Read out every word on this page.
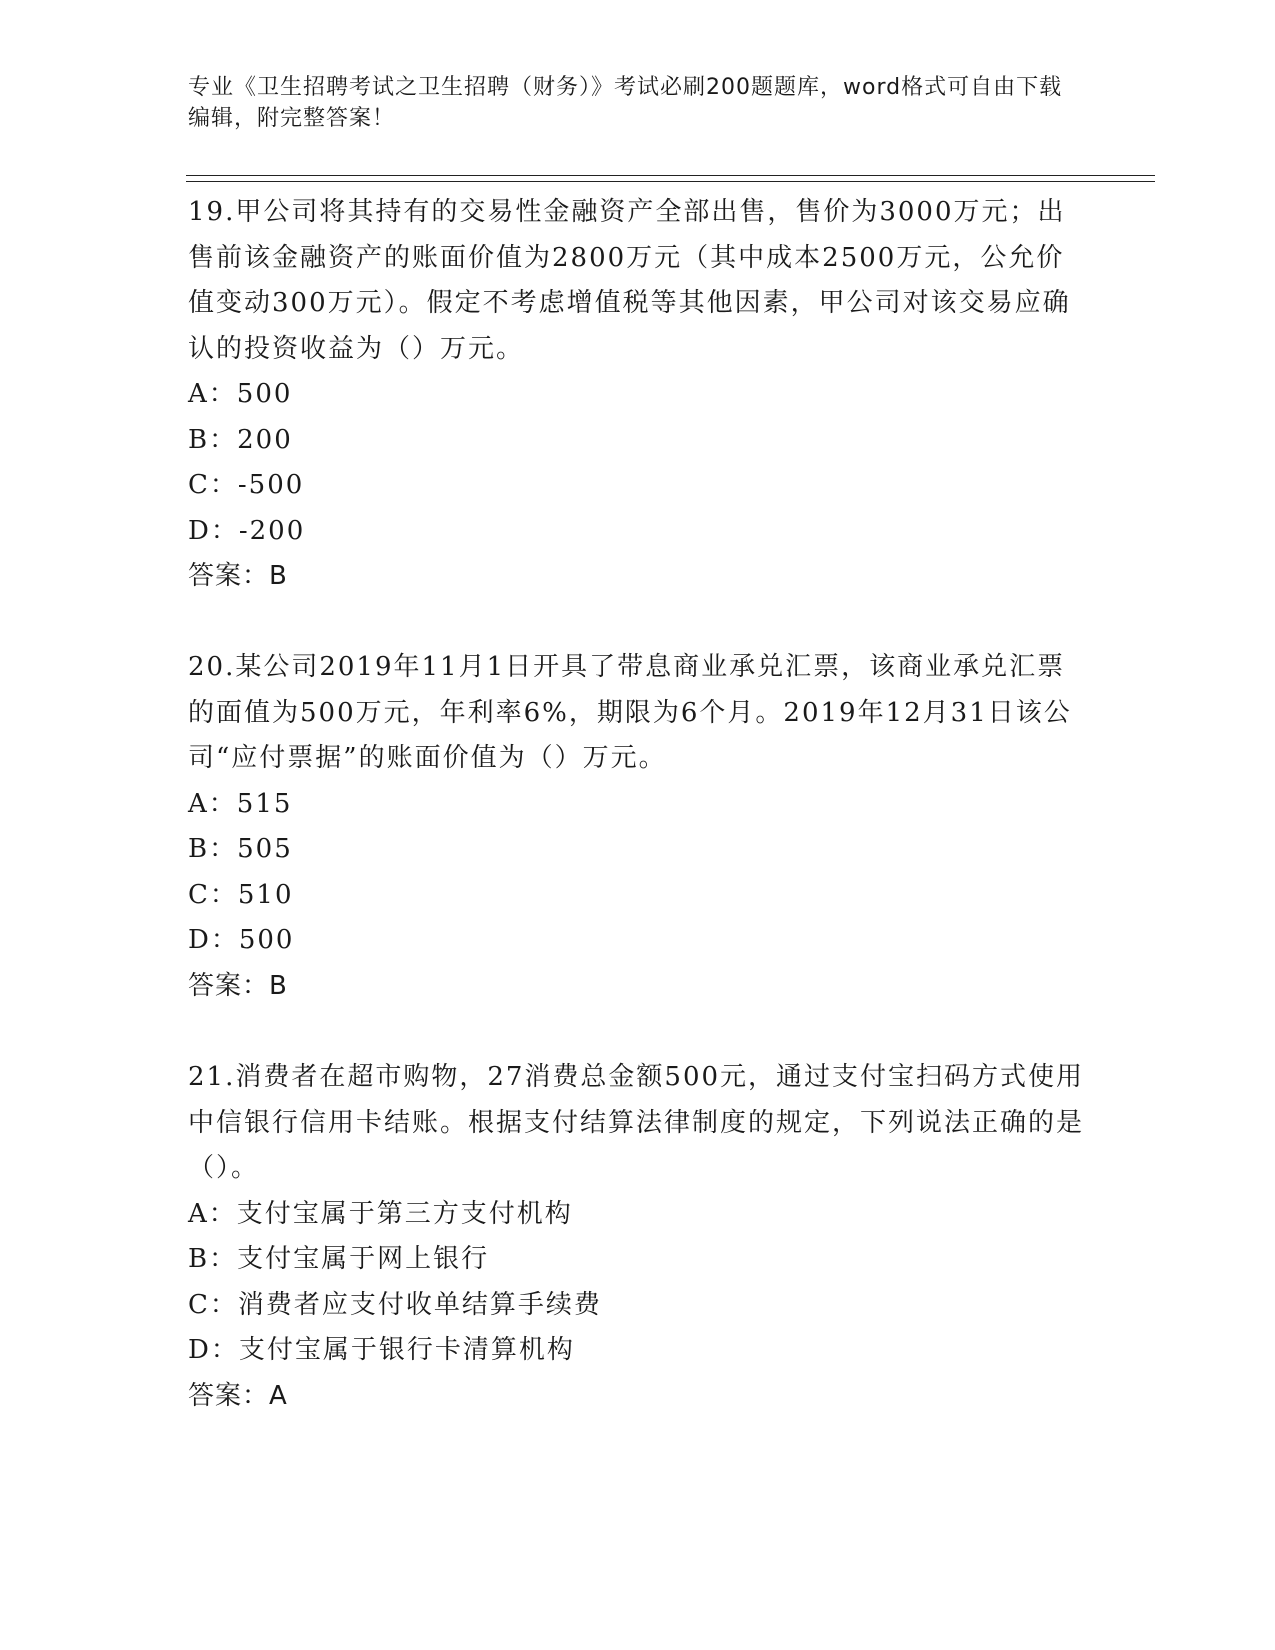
专业《卫生招聘考试之卫生招聘（财务）》考试必刷200题题库，word格式可自由下载编辑，附完整答案！

19.甲公司将其持有的交易性金融资产全部出售，售价为3000万元；出售前该金融资产的账面价值为2800万元（其中成本2500万元，公允价值变动300万元）。假定不考虑增值税等其他因素，甲公司对该交易应确认的投资收益为（）万元。

A：500

B：200

C：-500

D：-200

答案：B

20.某公司2019年11月1日开具了带息商业承兑汇票，该商业承兑汇票的面值为500万元，年利率6%，期限为6个月。2019年12月31日该公司“应付票据”的账面价值为（）万元。

A：515

B：505

C：510

D：500

答案：B

21.消费者在超市购物，27消费总金额500元，通过支付宝扫码方式使用中信银行信用卡结账。根据支付结算法律制度的规定，下列说法正确的是（）。

A：支付宝属于第三方支付机构

B：支付宝属于网上银行

C：消费者应支付收单结算手续费

D：支付宝属于银行卡清算机构

答案：A
